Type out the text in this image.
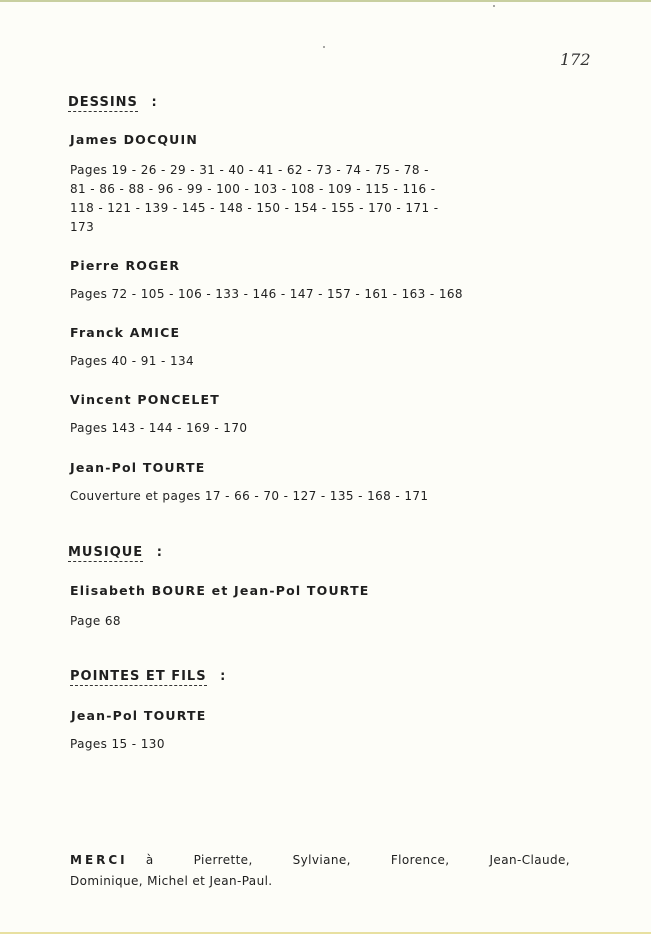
172
DESSINS :
James DOCQUIN
Pages 19 - 26 - 29 - 31 - 40 - 41 - 62 - 73 - 74 - 75 - 78 -
81 - 86 - 88 - 96 - 99 - 100 - 103 - 108 - 109 - 115 - 116 -
118 - 121 - 139 - 145 - 148 - 150 - 154 - 155 - 170 - 171 -
173
Pierre ROGER
Pages 72 - 105 - 106 - 133 - 146 - 147 - 157 - 161 - 163 - 168
Franck AMICE
Pages 40 - 91 - 134
Vincent PONCELET
Pages 143 - 144 - 169 - 170
Jean-Pol TOURTE
Couverture et pages 17 - 66 - 70 - 127 - 135 - 168 - 171
MUSIQUE :
Elisabeth BOURE et Jean-Pol TOURTE
Page 68
POINTES ET FILS :
Jean-Pol TOURTE
Pages 15 - 130
MERCI à	Pierrette,	Sylviane,	Florence,	Jean-Claude,
Dominique, Michel et Jean-Paul.
